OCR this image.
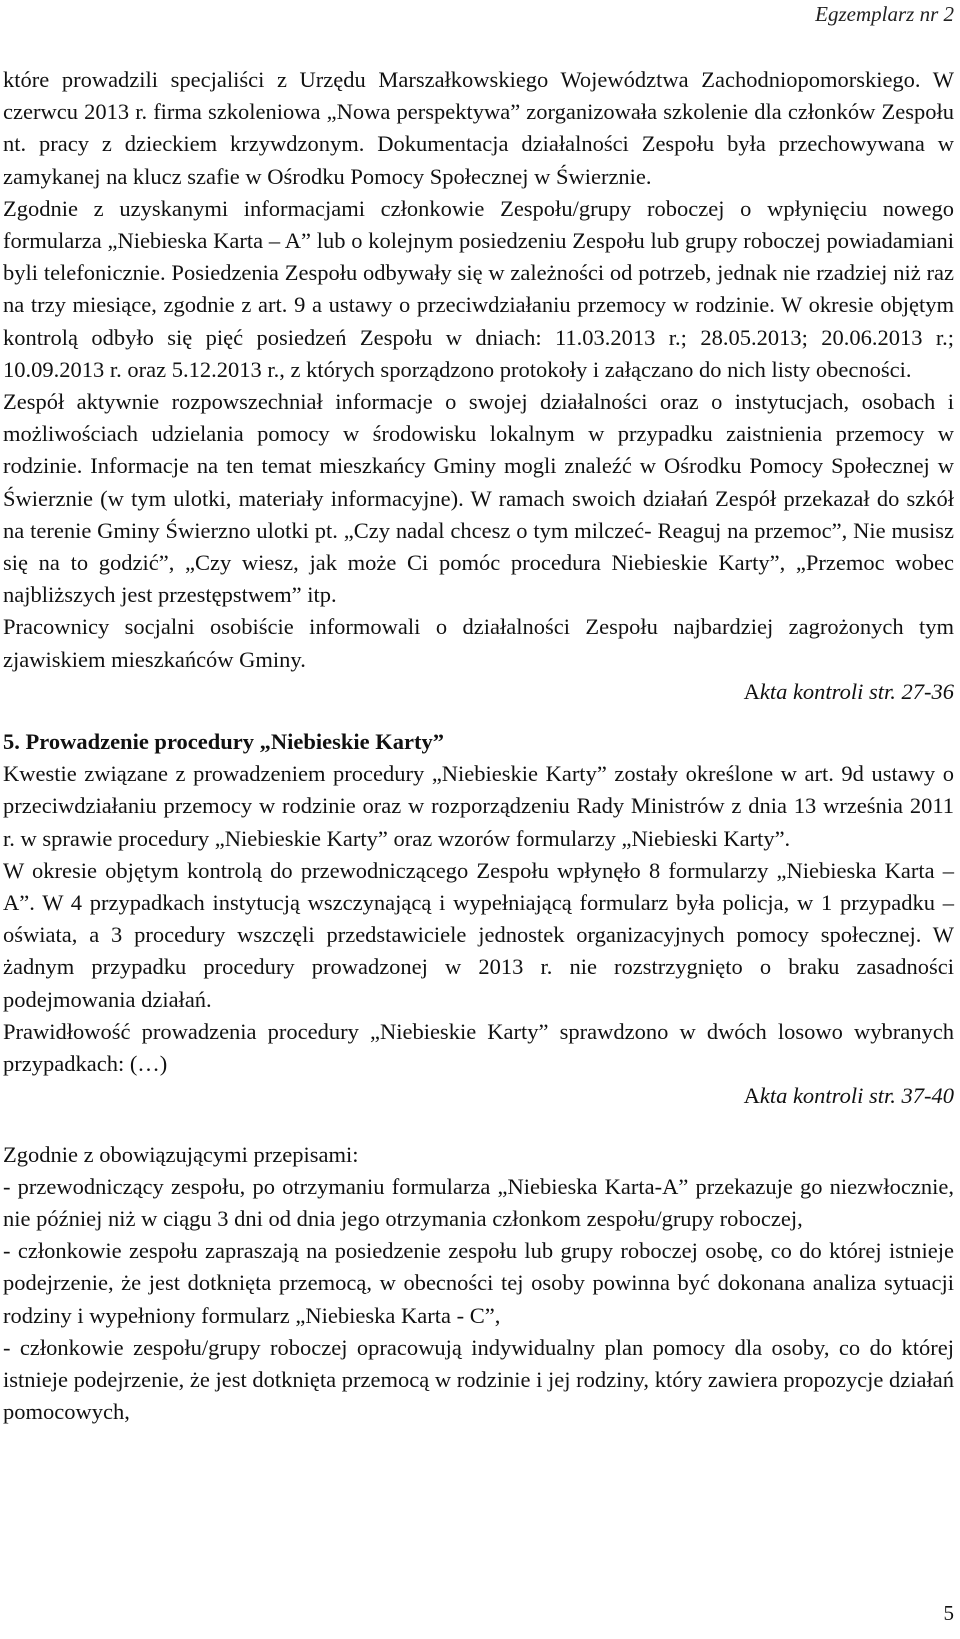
Egzemplarz nr 2

które prowadzili specjaliści z Urzędu Marszałkowskiego Województwa Zachodniopomorskiego. W czerwcu 2013 r. firma szkoleniowa „Nowa perspektywa” zorganizowała szkolenie dla członków Zespołu nt. pracy z dzieckiem krzywdzonym. Dokumentacja działalności Zespołu była przechowywana w zamykanej na klucz szafie w Ośrodku Pomocy Społecznej w Świerznie.

Zgodnie z uzyskanymi informacjami członkowie Zespołu/grupy roboczej o wpłynięciu nowego formularza „Niebieska Karta – A” lub o kolejnym posiedzeniu Zespołu lub grupy roboczej powiadamiani byli telefonicznie. Posiedzenia Zespołu odbywały się w zależności od potrzeb, jednak nie rzadziej niż raz na trzy miesiące, zgodnie z art. 9 a ustawy o przeciwdziałaniu przemocy w rodzinie. W okresie objętym kontrolą odbyło się pięć posiedzeń Zespołu w dniach: 11.03.2013 r.; 28.05.2013; 20.06.2013 r.; 10.09.2013 r. oraz 5.12.2013 r., z których sporządzono protokoły i załączano do nich listy obecności.

Zespół aktywnie rozpowszechniał informacje o swojej działalności oraz o instytucjach, osobach i możliwościach udzielania pomocy w środowisku lokalnym w przypadku zaistnienia przemocy w rodzinie. Informacje na ten temat mieszkańcy Gminy mogli znaleźć w Ośrodku Pomocy Społecznej w Świerznie (w tym ulotki, materiały informacyjne). W ramach swoich działań Zespół przekazał do szkół na terenie Gminy Świerzno ulotki pt. „Czy nadal chcesz o tym milczeć- Reaguj na przemoc”, Nie musisz się na to godzić”, „Czy wiesz, jak może Ci pomóc procedura Niebieskie Karty”, „Przemoc wobec najbliższych jest przestępstwem” itp.

Pracownicy socjalni osobiście informowali o działalności Zespołu najbardziej zagrożonych tym zjawiskiem mieszkańców Gminy.

Akta kontroli str. 27-36

5. Prowadzenie procedury „Niebieskie Karty”

Kwestie związane z prowadzeniem procedury „Niebieskie Karty” zostały określone w art. 9d ustawy o przeciwdziałaniu przemocy w rodzinie oraz w rozporządzeniu Rady Ministrów z dnia 13 września 2011 r. w sprawie procedury „Niebieskie Karty” oraz wzorów formularzy „Niebieski Karty”.

W okresie objętym kontrolą do przewodniczącego Zespołu wpłynęło 8 formularzy „Niebieska Karta – A”. W 4 przypadkach instytucją wszczynającą i wypełniającą formularz była policja, w 1 przypadku – oświata, a 3 procedury wszczęli przedstawiciele jednostek organizacyjnych pomocy społecznej. W żadnym przypadku procedury prowadzonej w 2013 r. nie rozstrzygnięto o braku zasadności podejmowania działań.

Prawidłowość prowadzenia procedury „Niebieskie Karty” sprawdzono w dwóch losowo wybranych przypadkach: (…)

Akta kontroli str. 37-40

Zgodnie z obowiązującymi przepisami:

- przewodniczący zespołu, po otrzymaniu formularza „Niebieska Karta-A” przekazuje go niezwłocznie, nie później niż w ciągu 3 dni od dnia jego otrzymania członkom zespołu/grupy roboczej,

- członkowie zespołu zapraszają na posiedzenie zespołu lub grupy roboczej osobę, co do której istnieje podejrzenie, że jest dotknięta przemocą, w obecności tej osoby powinna być dokonana analiza sytuacji rodziny i wypełniony formularz „Niebieska Karta - C”,

- członkowie zespołu/grupy roboczej opracowują indywidualny plan pomocy dla osoby, co do której istnieje podejrzenie, że jest dotknięta przemocą w rodzinie i jej rodziny, który zawiera propozycje działań pomocowych,

5
